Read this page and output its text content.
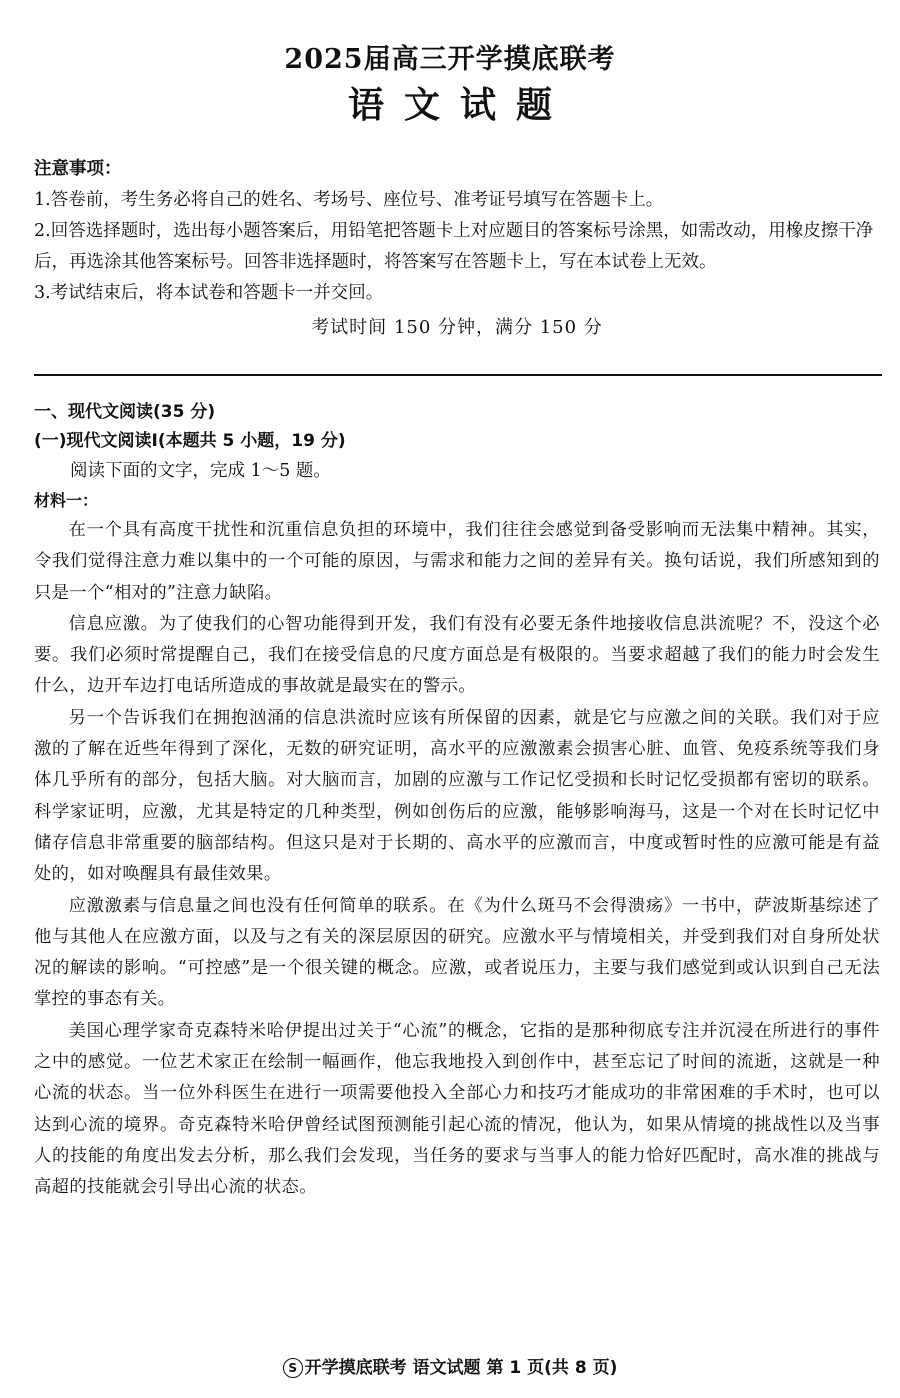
2025届高三开学摸底联考
语文试题
注意事项：

1.答卷前，考生务必将自己的姓名、考场号、座位号、准考证号填写在答题卡上。

2.回答选择题时，选出每小题答案后，用铅笔把答题卡上对应题目的答案标号涂黑，如需改动，用橡皮擦干净后，再选涂其他答案标号。回答非选择题时，将答案写在答题卡上，写在本试卷上无效。

3.考试结束后，将本试卷和答题卡一并交回。

考试时间 150 分钟，满分 150 分
一、现代文阅读(35 分)
(一)现代文阅读Ⅰ(本题共 5 小题，19 分)
阅读下面的文字，完成 1～5 题。
材料一：

在一个具有高度干扰性和沉重信息负担的环境中，我们往往会感觉到备受影响而无法集中精神。其实，令我们觉得注意力难以集中的一个可能的原因，与需求和能力之间的差异有关。换句话说，我们所感知到的只是一个“相对的”注意力缺陷。

信息应激。为了使我们的心智功能得到开发，我们有没有必要无条件地接收信息洪流呢？不，没这个必要。我们必须时常提醒自己，我们在接受信息的尺度方面总是有极限的。当要求超越了我们的能力时会发生什么，边开车边打电话所造成的事故就是最实在的警示。

另一个告诉我们在拥抱汹涌的信息洪流时应该有所保留的因素，就是它与应激之间的关联。我们对于应激的了解在近些年得到了深化，无数的研究证明，高水平的应激激素会损害心脏、血管、免疫系统等我们身体几乎所有的部分，包括大脑。对大脑而言，加剧的应激与工作记忆受损和长时记忆受损都有密切的联系。科学家证明，应激，尤其是特定的几种类型，例如创伤后的应激，能够影响海马，这是一个对在长时记忆中储存信息非常重要的脑部结构。但这只是对于长期的、高水平的应激而言，中度或暂时性的应激可能是有益处的，如对唤醒具有最佳效果。

应激激素与信息量之间也没有任何简单的联系。在《为什么斑马不会得溃疡》一书中，萨波斯基综述了他与其他人在应激方面，以及与之有关的深层原因的研究。应激水平与情境相关，并受到我们对自身所处状况的解读的影响。“可控感”是一个很关键的概念。应激，或者说压力，主要与我们感觉到或认识到自己无法掌控的事态有关。

美国心理学家奇克森特米哈伊提出过关于“心流”的概念，它指的是那种彻底专注并沉浸在所进行的事件之中的感觉。一位艺术家正在绘制一幅画作，他忘我地投入到创作中，甚至忘记了时间的流逝，这就是一种心流的状态。当一位外科医生在进行一项需要他投入全部心力和技巧才能成功的非常困难的手术时，也可以达到心流的境界。奇克森特米哈伊曾经试图预测能引起心流的情况，他认为，如果从情境的挑战性以及当事人的技能的角度出发去分析，那么我们会发现，当任务的要求与当事人的能力恰好匹配时，高水准的挑战与高超的技能就会引导出心流的状态。

S 开学摸底联考 语文试题 第 1 页(共 8 页)
